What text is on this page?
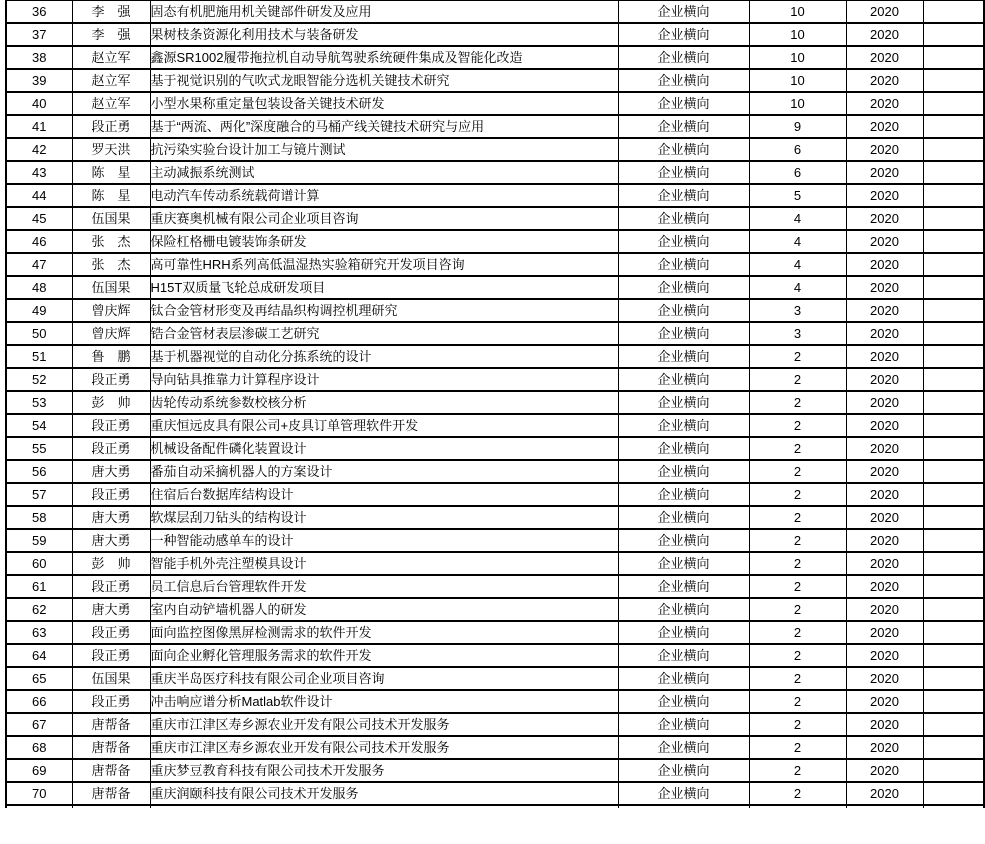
36	李　强	固态有机肥施用机关键部件研发及应用	企业横向	10	2020	
37	李　强	果树枝条资源化利用技术与装备研发	企业横向	10	2020	
38	赵立军	鑫源SR1002履带拖拉机自动导航驾驶系统硬件集成及智能化改造	企业横向	10	2020	
39	赵立军	基于视觉识别的气吹式龙眼智能分选机关键技术研究	企业横向	10	2020	
40	赵立军	小型水果称重定量包装设备关键技术研发	企业横向	10	2020	
41	段正勇	基于“两流、两化”深度融合的马桶产线关键技术研究与应用	企业横向	9	2020	
42	罗天洪	抗污染实验台设计加工与镜片测试	企业横向	6	2020	
43	陈　星	主动减振系统测试	企业横向	6	2020	
44	陈　星	电动汽车传动系统载荷谱计算	企业横向	5	2020	
45	伍国果	重庆赛奥机械有限公司企业项目咨询	企业横向	4	2020	
46	张　杰	保险杠格栅电镀装饰条研发	企业横向	4	2020	
47	张　杰	高可靠性HRH系列高低温湿热实验箱研究开发项目咨询	企业横向	4	2020	
48	伍国果	H15T双质量飞轮总成研发项目	企业横向	4	2020	
49	曾庆辉	钛合金管材形变及再结晶织构调控机理研究	企业横向	3	2020	
50	曾庆辉	锆合金管材表层渗碳工艺研究	企业横向	3	2020	
51	鲁　鹏	基于机器视觉的自动化分拣系统的设计	企业横向	2	2020	
52	段正勇	导向钻具推靠力计算程序设计	企业横向	2	2020	
53	彭　帅	齿轮传动系统参数校核分析	企业横向	2	2020	
54	段正勇	重庆恒远皮具有限公司+皮具订单管理软件开发	企业横向	2	2020	
55	段正勇	机械设备配件磷化装置设计	企业横向	2	2020	
56	唐大勇	番茄自动采摘机器人的方案设计	企业横向	2	2020	
57	段正勇	住宿后台数据库结构设计	企业横向	2	2020	
58	唐大勇	软煤层刮刀钻头的结构设计	企业横向	2	2020	
59	唐大勇	一种智能动感单车的设计	企业横向	2	2020	
60	彭　帅	智能手机外壳注塑模具设计	企业横向	2	2020	
61	段正勇	员工信息后台管理软件开发	企业横向	2	2020	
62	唐大勇	室内自动铲墙机器人的研发	企业横向	2	2020	
63	段正勇	面向监控图像黑屏检测需求的软件开发	企业横向	2	2020	
64	段正勇	面向企业孵化管理服务需求的软件开发	企业横向	2	2020	
65	伍国果	重庆半岛医疗科技有限公司企业项目咨询	企业横向	2	2020	
66	段正勇	冲击响应谱分析Matlab软件设计	企业横向	2	2020	
67	唐帮备	重庆市江津区寿乡源农业开发有限公司技术开发服务	企业横向	2	2020	
68	唐帮备	重庆市江津区寿乡源农业开发有限公司技术开发服务	企业横向	2	2020	
69	唐帮备	重庆梦豆教育科技有限公司技术开发服务	企业横向	2	2020	
70	唐帮备	重庆润颐科技有限公司技术开发服务	企业横向	2	2020	
